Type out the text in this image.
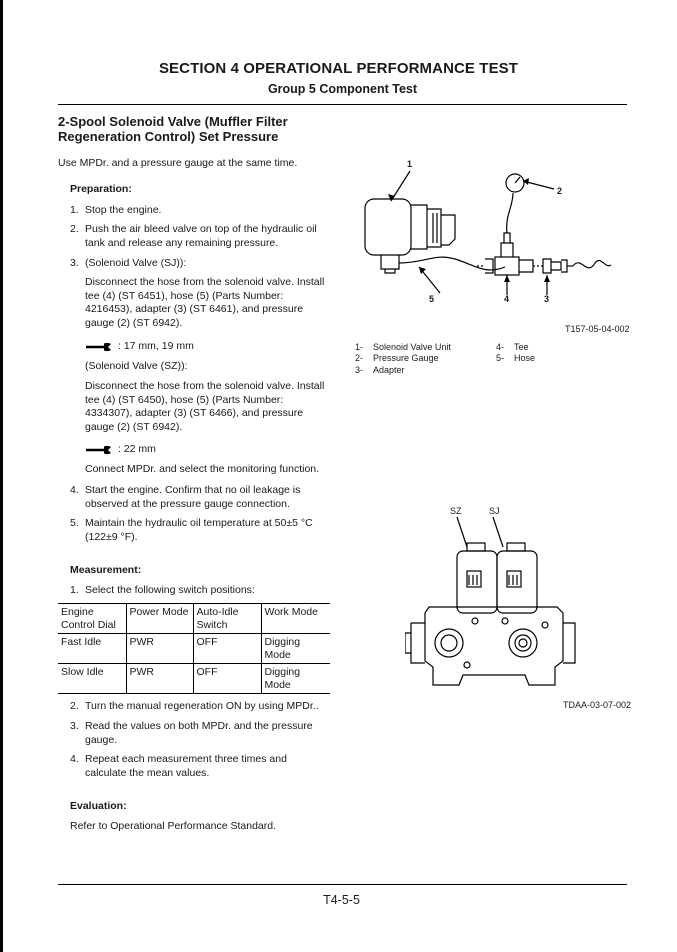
SECTION 4 OPERATIONAL PERFORMANCE TEST
Group 5 Component Test
2-Spool Solenoid Valve (Muffler Filter Regeneration Control) Set Pressure
Use MPDr. and a pressure gauge at the same time.
Preparation:
1. Stop the engine.
2. Push the air bleed valve on top of the hydraulic oil tank and release any remaining pressure.
3. (Solenoid Valve (SJ)):
Disconnect the hose from the solenoid valve. Install tee (4) (ST 6451), hose (5) (Parts Number: 4216453), adapter (3) (ST 6461), and pressure gauge (2) (ST 6942).
: 17 mm, 19 mm
(Solenoid Valve (SZ)):
Disconnect the hose from the solenoid valve. Install tee (4) (ST 6450), hose (5) (Parts Number: 4334307), adapter (3) (ST 6466), and pressure gauge (2) (ST 6942).
: 22 mm
Connect MPDr. and select the monitoring function.
4. Start the engine. Confirm that no oil leakage is observed at the pressure gauge connection.
5. Maintain the hydraulic oil temperature at 50±5 °C (122±9 °F).
Measurement:
1. Select the following switch positions:
Engine Control Dial	Power Mode	Auto-Idle Switch	Work Mode
Fast Idle	PWR	OFF	Digging Mode
Slow Idle	PWR	OFF	Digging Mode
2. Turn the manual regeneration ON by using MPDr..
3. Read the values on both MPDr. and the pressure gauge.
4. Repeat each measurement three times and calculate the mean values.
Evaluation:
Refer to Operational Performance Standard.
1
2
3
4
5
T157-05-04-002
1- Solenoid Valve Unit
2- Pressure Gauge
3- Adapter
4- Tee
5- Hose
SZ	SJ
TDAA-03-07-002
T4-5-5
